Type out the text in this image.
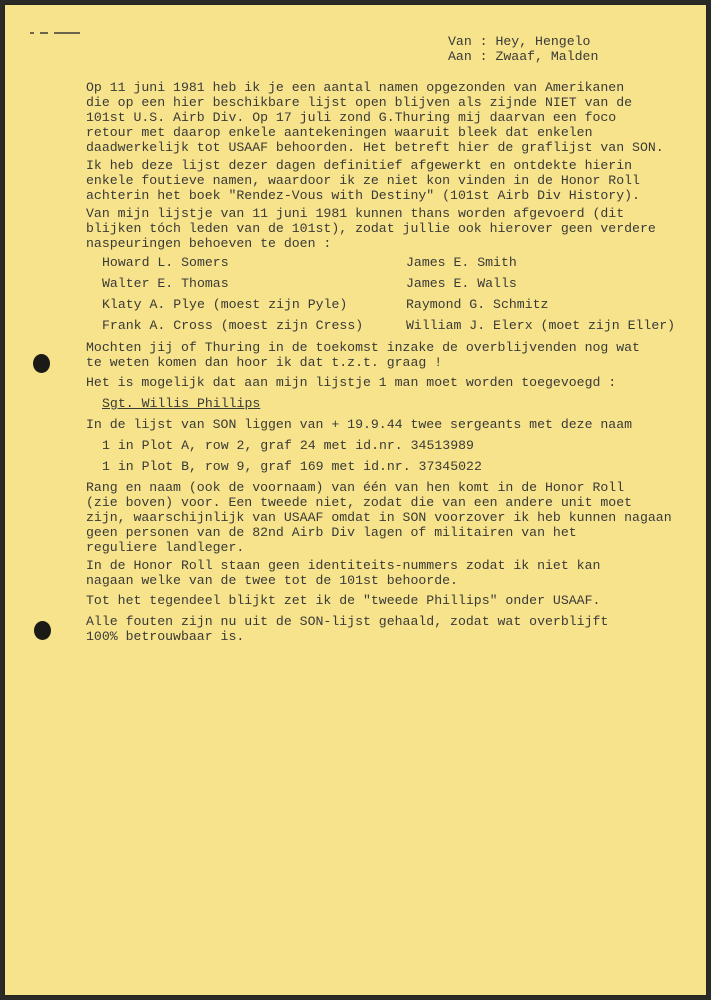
Van : Hey, Hengelo
Aan : Zwaaf, Malden
Op 11 juni 1981 heb ik je een aantal namen opgezonden van Amerikanen
die op een hier beschikbare lijst open blijven als zijnde NIET van de
101st U.S. Airb Div. Op 17 juli zond G.Thuring mij daarvan een foco
retour met daarop enkele aantekeningen waaruit bleek dat enkelen
daadwerkelijk tot USAAF behoorden. Het betreft hier de graflijst van SON.
Ik heb deze lijst dezer dagen definitief afgewerkt en ontdekte hierin
enkele foutieve namen, waardoor ik ze niet kon vinden in de Honor Roll
achterin het boek "Rendez-Vous with Destiny" (101st Airb Div History).
Van mijn lijstje van 11 juni 1981 kunnen thans worden afgevoerd (dit
blijken tóch leden van de 101st), zodat jullie ook hierover geen verdere
naspeuringen behoeven te doen :
Howard L. Somers
Walter E. Thomas
Klaty A. Plye (moest zijn Pyle)
Frank A. Cross (moest zijn Cress)
James E. Smith
James E. Walls
Raymond G. Schmitz
William J. Elerx (moet zijn Eller)
Mochten jij of Thuring in de toekomst inzake de overblijvenden nog wat
te weten komen dan hoor ik dat t.z.t. graag !
Het is mogelijk dat aan mijn lijstje 1 man moet worden toegevoegd :
Sgt. Willis Phillips
In de lijst van SON liggen van + 19.9.44 twee sergeants met deze naam
1 in Plot A, row 2, graf 24 met id.nr. 34513989
1 in Plot B, row 9, graf 169 met id.nr. 37345022
Rang en naam (ook de voornaam) van één van hen komt in de Honor Roll
(zie boven) voor. Een tweede niet, zodat die van een andere unit moet
zijn, waarschijnlijk van USAAF omdat in SON voorzover ik heb kunnen nagaan
geen personen van de 82nd Airb Div lagen of militairen van het
reguliere landleger.
In de Honor Roll staan geen identiteits-nummers zodat ik niet kan
nagaan welke van de twee tot de 101st behoorde.
Tot het tegendeel blijkt zet ik de "tweede Phillips" onder USAAF.
Alle fouten zijn nu uit de SON-lijst gehaald, zodat wat overblijft
100% betrouwbaar is.
